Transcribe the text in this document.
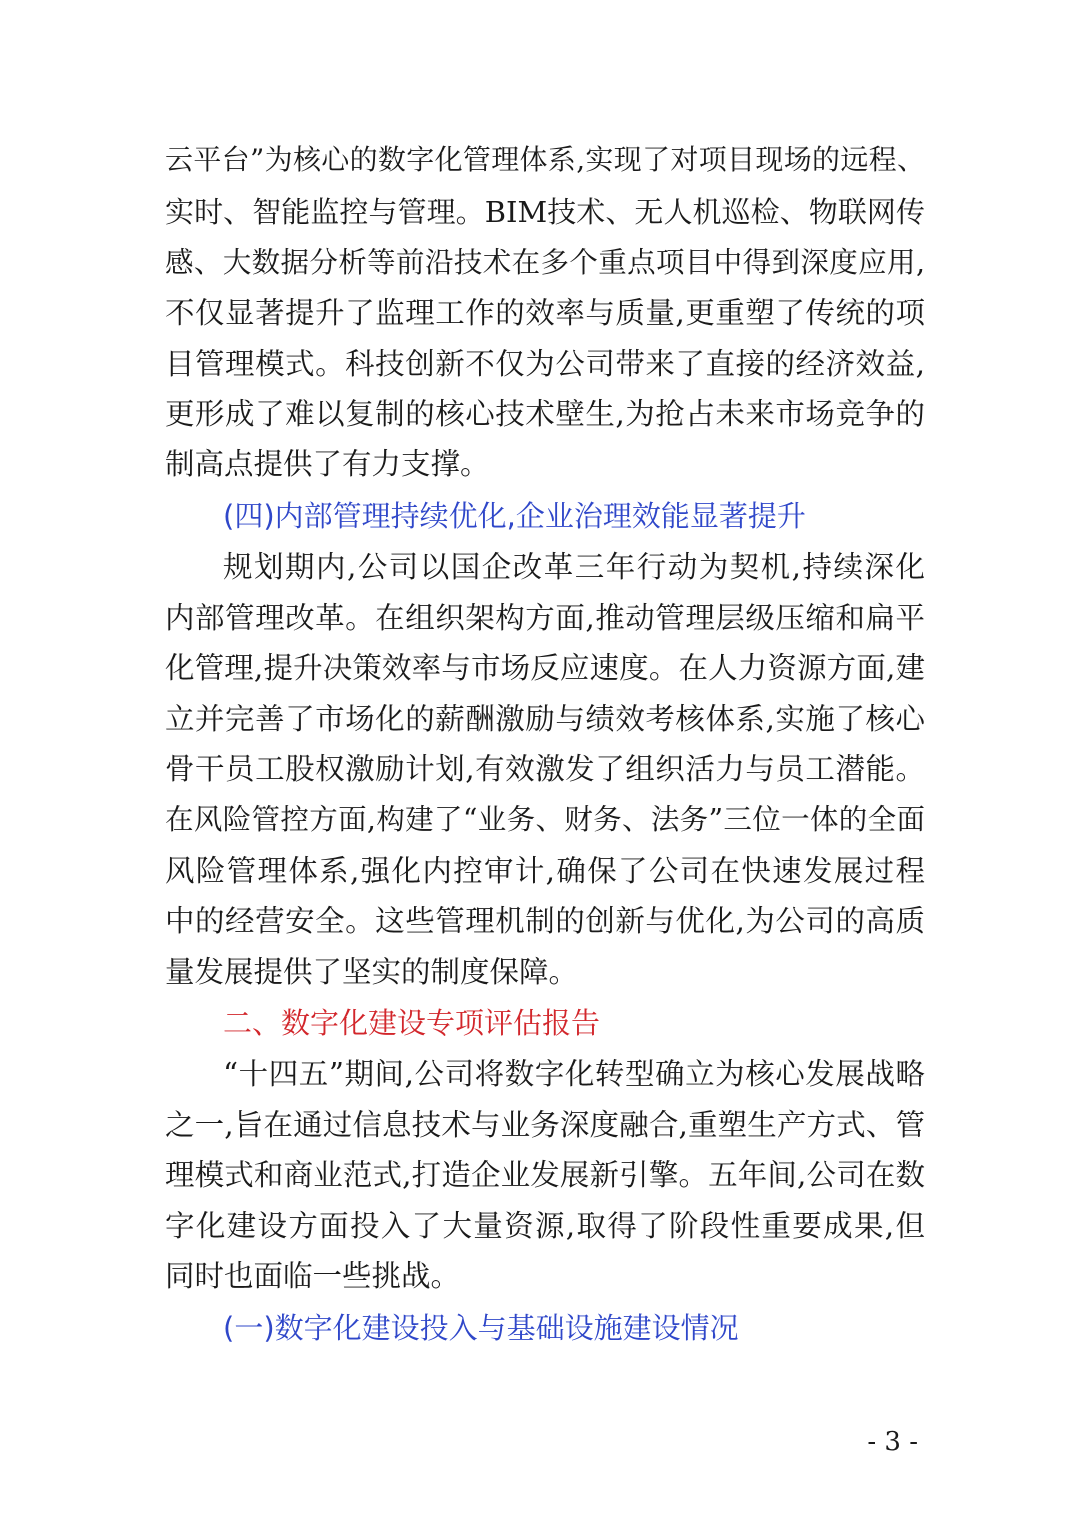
云平台”为核心的数字化管理体系,实现了对项目现场的远程、
实时、智能监控与管理。BIM技术、无人机巡检、物联网传
感、大数据分析等前沿技术在多个重点项目中得到深度应用,
不仅显著提升了监理工作的效率与质量,更重塑了传统的项
目管理模式。科技创新不仅为公司带来了直接的经济效益,
更形成了难以复制的核心技术壁生,为抢占未来市场竞争的
制高点提供了有力支撑。
(四)内部管理持续优化,企业治理效能显著提升
规划期内,公司以国企改革三年行动为契机,持续深化
内部管理改革。在组织架构方面,推动管理层级压缩和扁平
化管理,提升决策效率与市场反应速度。在人力资源方面,建
立并完善了市场化的薪酬激励与绩效考核体系,实施了核心
骨干员工股权激励计划,有效激发了组织活力与员工潜能。
在风险管控方面,构建了“业务、财务、法务”三位一体的全面
风险管理体系,强化内控审计,确保了公司在快速发展过程
中的经营安全。这些管理机制的创新与优化,为公司的高质
量发展提供了坚实的制度保障。
二、数字化建设专项评估报告
“十四五”期间,公司将数字化转型确立为核心发展战略
之一,旨在通过信息技术与业务深度融合,重塑生产方式、管
理模式和商业范式,打造企业发展新引擎。五年间,公司在数
字化建设方面投入了大量资源,取得了阶段性重要成果,但
同时也面临一些挑战。
(一)数字化建设投入与基础设施建设情况
- 3 -
